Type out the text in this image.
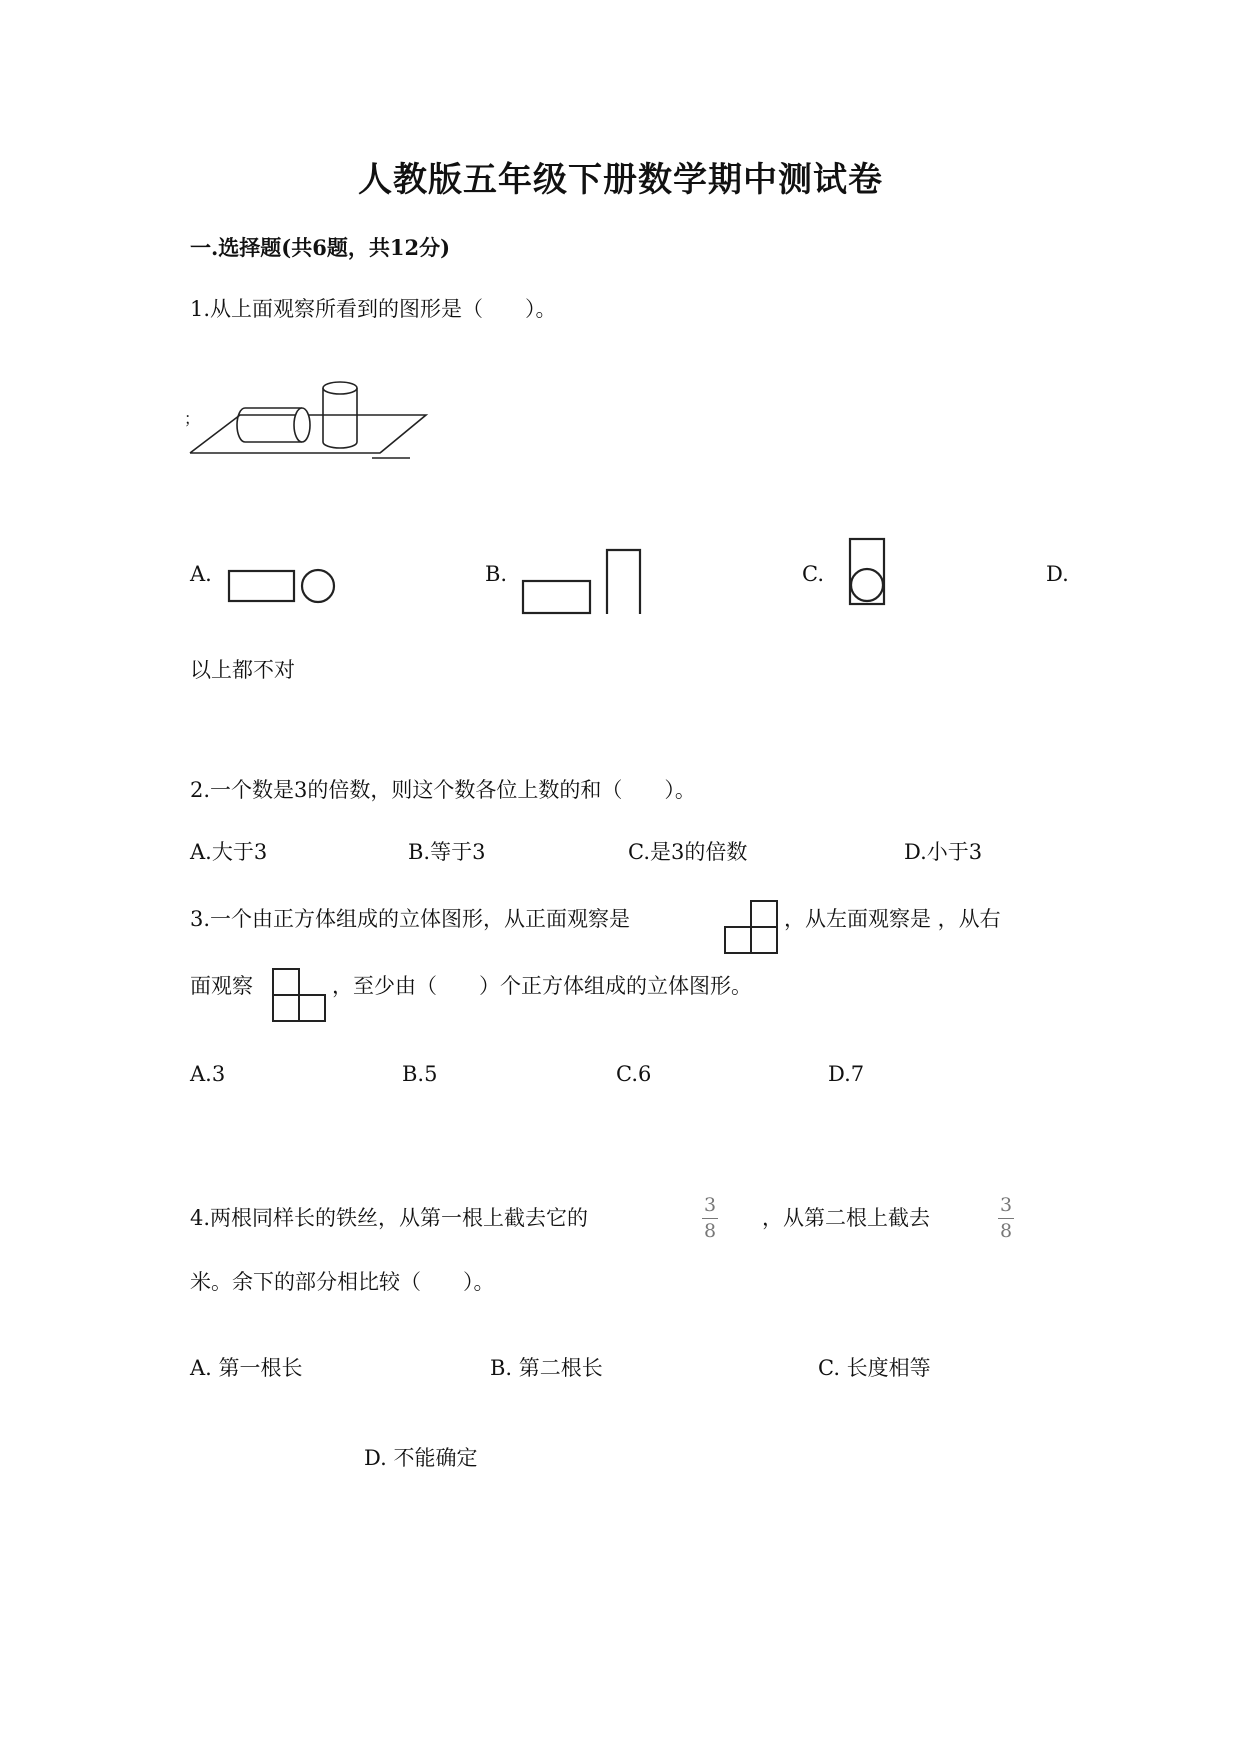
人教版五年级下册数学期中测试卷
一.选择题(共6题，共12分)
1.从上面观察所看到的图形是（　　）。
；
A.	B.	C.	D.
以上都不对
2.一个数是3的倍数，则这个数各位上数的和（　　）。
A.大于3	B.等于3	C.是3的倍数	D.小于3
3.一个由正方体组成的立体图形，从正面观察是	，从左面观察是 ，从右
面观察	，至少由（　　）个正方体组成的立体图形。
A.3	B.5	C.6	D.7
4.两根同样长的铁丝，从第一根上截去它的
3
8
，从第二根上截去
3
8
米。余下的部分相比较（　　）。
A. 第一根长	B. 第二根长	C. 长度相等
D. 不能确定
